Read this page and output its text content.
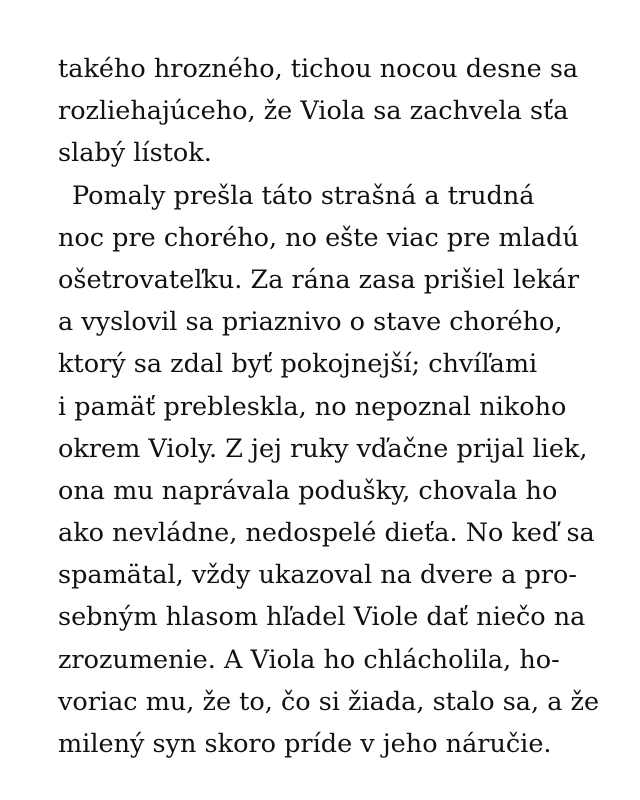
takého hrozného, tichou nocou desne sa
rozliehajúceho, že Viola sa zachvela sťa
slabý lístok.
Pomaly prešla táto strašná a trudná
noc pre chorého, no ešte viac pre mladú
ošetrovateľku. Za rána zasa prišiel lekár
a vyslovil sa priaznivo o stave chorého,
ktorý sa zdal byť pokojnejší; chvíľami
i pamäť prebleskla, no nepoznal nikoho
okrem Violy. Z jej ruky vďačne prijal liek,
ona mu naprávala podušky, chovala ho
ako nevládne, nedospelé dieťa. No keď sa
spamätal, vždy ukazoval na dvere a pro-
sebným hlasom hľadel Viole dať niečo na
zrozumenie. A Viola ho chlácholila, ho-
voriac mu, že to, čo si žiada, stalo sa, a že
milený syn skoro príde v jeho náručie.
